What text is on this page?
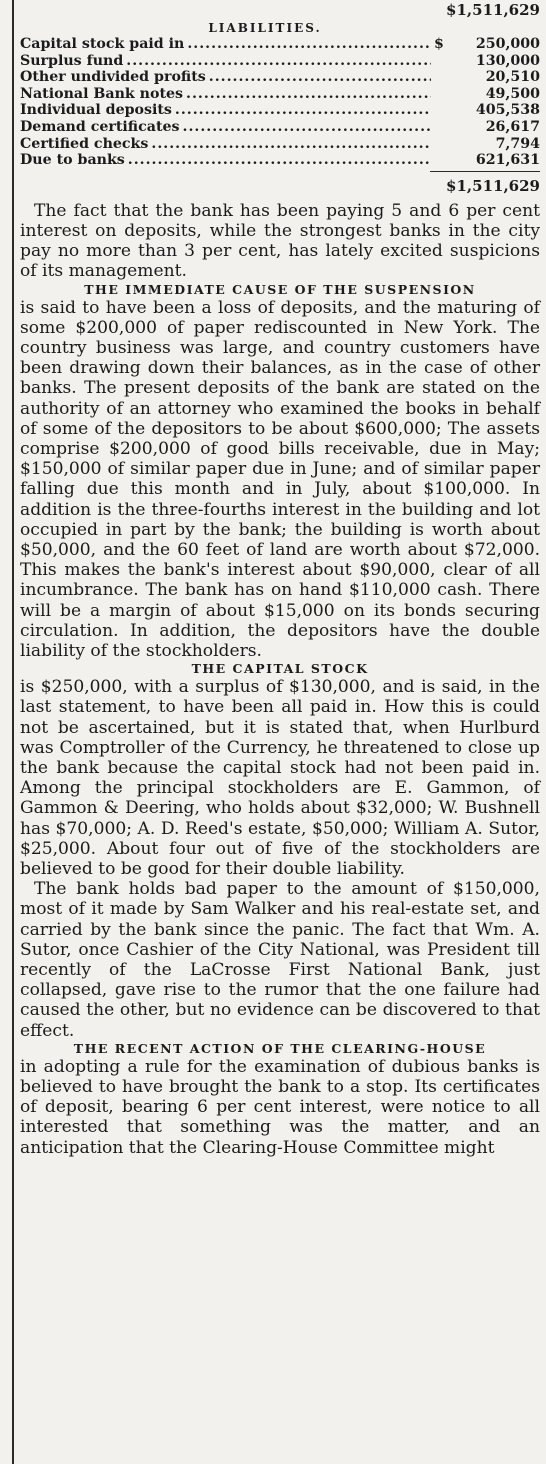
$1,511,629
LIABILITIES.
Capital stock paid in .....	$	250,000
Surplus fund .....	130,000
Other undivided profits .....	20,510
National Bank notes .....	49,500
Individual deposits .....	405,538
Demand certificates .....	26,617
Certified checks .....	7,794
Due to banks .....	621,631
$1,511,629

The fact that the bank has been paying 5 and 6 per cent interest on deposits, while the strongest banks in the city pay no more than 3 per cent, has lately excited suspicions of its management.

THE IMMEDIATE CAUSE OF THE SUSPENSION

is said to have been a loss of deposits, and the maturing of some $200,000 of paper rediscounted in New York. The country business was large, and country customers have been drawing down their balances, as in the case of other banks. The present deposits of the bank are stated on the authority of an attorney who examined the books in behalf of some of the depositors to be about $600,000; The assets comprise $200,000 of good bills receivable, due in May; $150,000 of similar paper due in June; and of similar paper falling due this month and in July, about $100,000. In addition is the three-fourths interest in the building and lot occupied in part by the bank; the building is worth about $50,000, and the 60 feet of land are worth about $72,000. This makes the bank's interest about $90,000, clear of all incumbrance. The bank has on hand $110,000 cash. There will be a margin of about $15,000 on its bonds securing circulation. In addition, the depositors have the double liability of the stockholders.

THE CAPITAL STOCK

is $250,000, with a surplus of $130,000, and is said, in the last statement, to have been all paid in. How this is could not be ascertained, but it is stated that, when Hurlburd was Comptroller of the Currency, he threatened to close up the bank because the capital stock had not been paid in. Among the principal stockholders are E. Gammon, of Gammon & Deering, who holds about $32,000; W. Bushnell has $70,000; A. D. Reed's estate, $50,000; William A. Sutor, $25,000. About four out of five of the stockholders are believed to be good for their double liability.

The bank holds bad paper to the amount of $150,000, most of it made by Sam Walker and his real-estate set, and carried by the bank since the panic. The fact that Wm. A. Sutor, once Cashier of the City National, was President till recently of the LaCrosse First National Bank, just collapsed, gave rise to the rumor that the one failure had caused the other, but no evidence can be discovered to that effect.

THE RECENT ACTION OF THE CLEARING-HOUSE

in adopting a rule for the examination of dubious banks is believed to have brought the bank to a stop. Its certificates of deposit, bearing 6 per cent interest, were notice to all interested that something was the matter, and an anticipation that the Clearing-House Committee might
